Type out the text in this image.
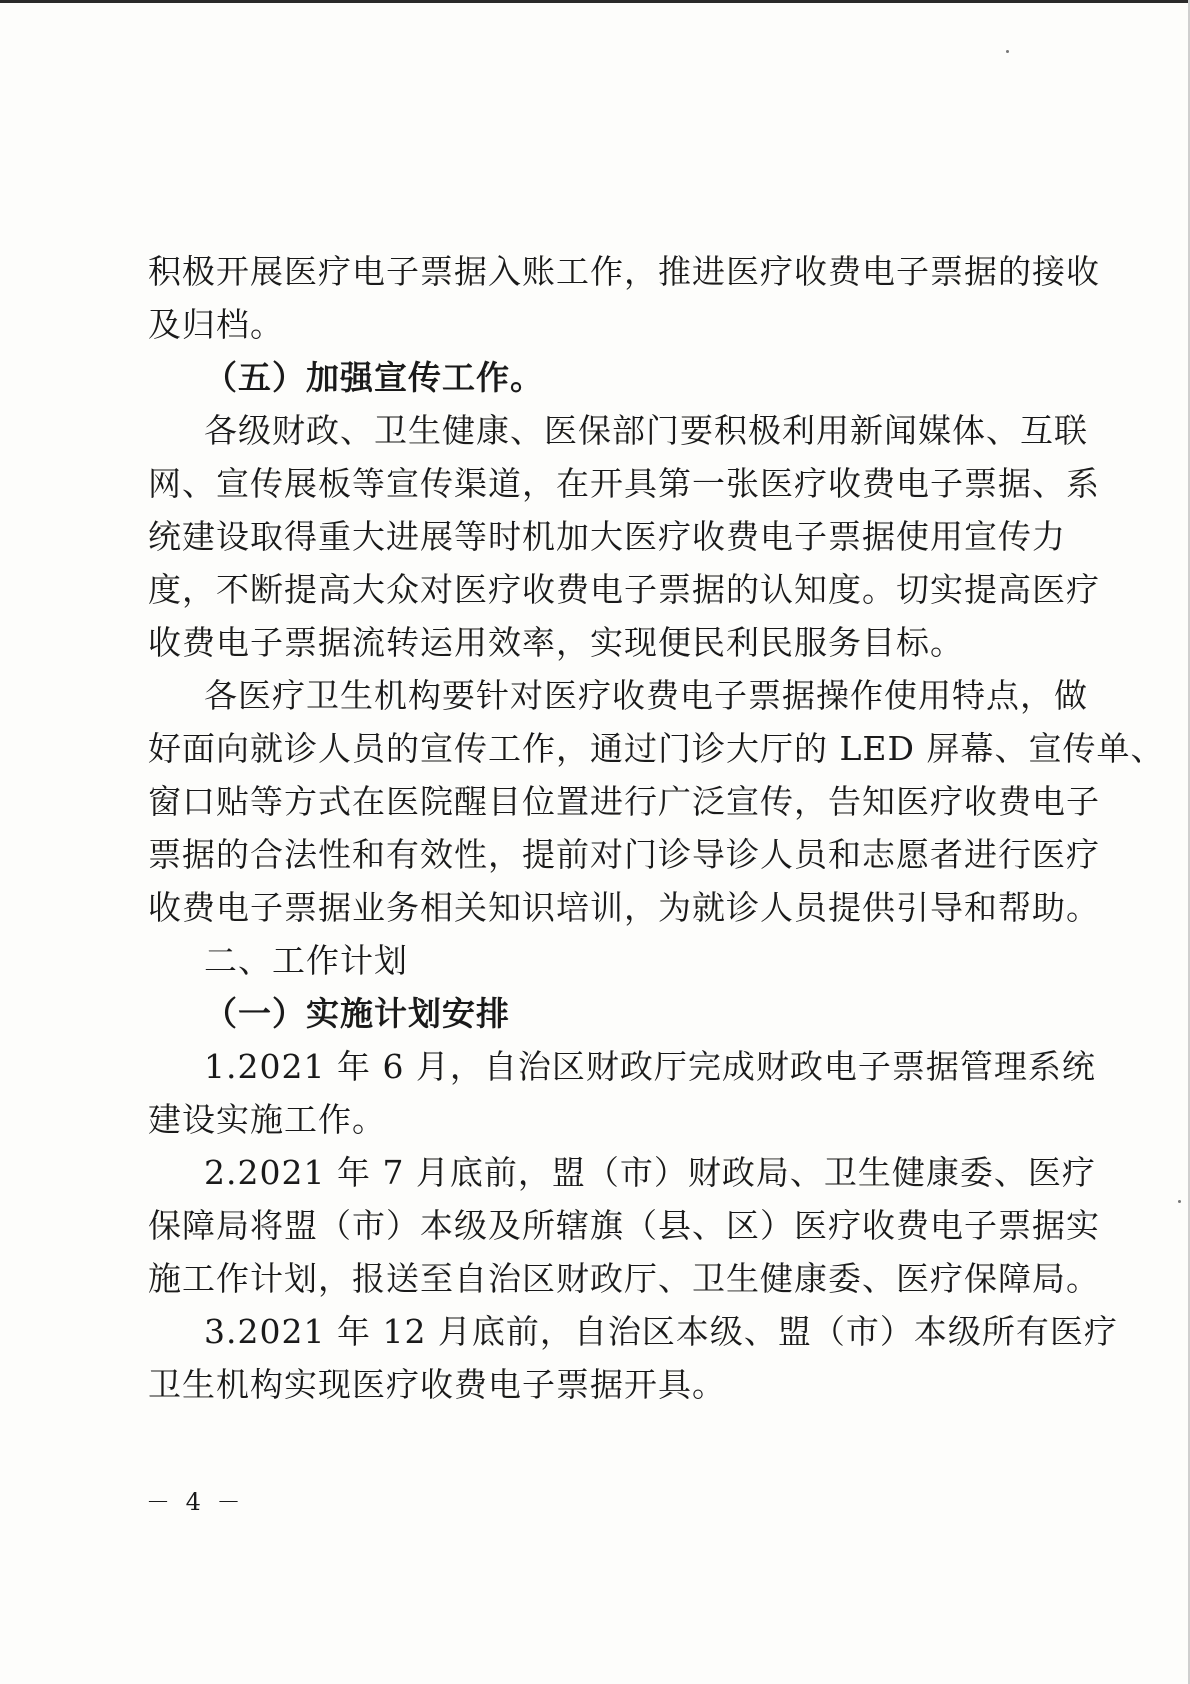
积极开展医疗电子票据入账工作，推进医疗收费电子票据的接收
及归档。
（五）加强宣传工作。
各级财政、卫生健康、医保部门要积极利用新闻媒体、互联
网、宣传展板等宣传渠道，在开具第一张医疗收费电子票据、系
统建设取得重大进展等时机加大医疗收费电子票据使用宣传力
度，不断提高大众对医疗收费电子票据的认知度。切实提高医疗
收费电子票据流转运用效率，实现便民利民服务目标。
各医疗卫生机构要针对医疗收费电子票据操作使用特点，做
好面向就诊人员的宣传工作，通过门诊大厅的 LED 屏幕、宣传单、
窗口贴等方式在医院醒目位置进行广泛宣传，告知医疗收费电子
票据的合法性和有效性，提前对门诊导诊人员和志愿者进行医疗
收费电子票据业务相关知识培训，为就诊人员提供引导和帮助。
二、工作计划
（一）实施计划安排
1.2021 年 6 月，自治区财政厅完成财政电子票据管理系统
建设实施工作。
2.2021 年 7 月底前，盟（市）财政局、卫生健康委、医疗
保障局将盟（市）本级及所辖旗（县、区）医疗收费电子票据实
施工作计划，报送至自治区财政厅、卫生健康委、医疗保障局。
3.2021 年 12 月底前，自治区本级、盟（市）本级所有医疗
卫生机构实现医疗收费电子票据开具。
－ 4 －
